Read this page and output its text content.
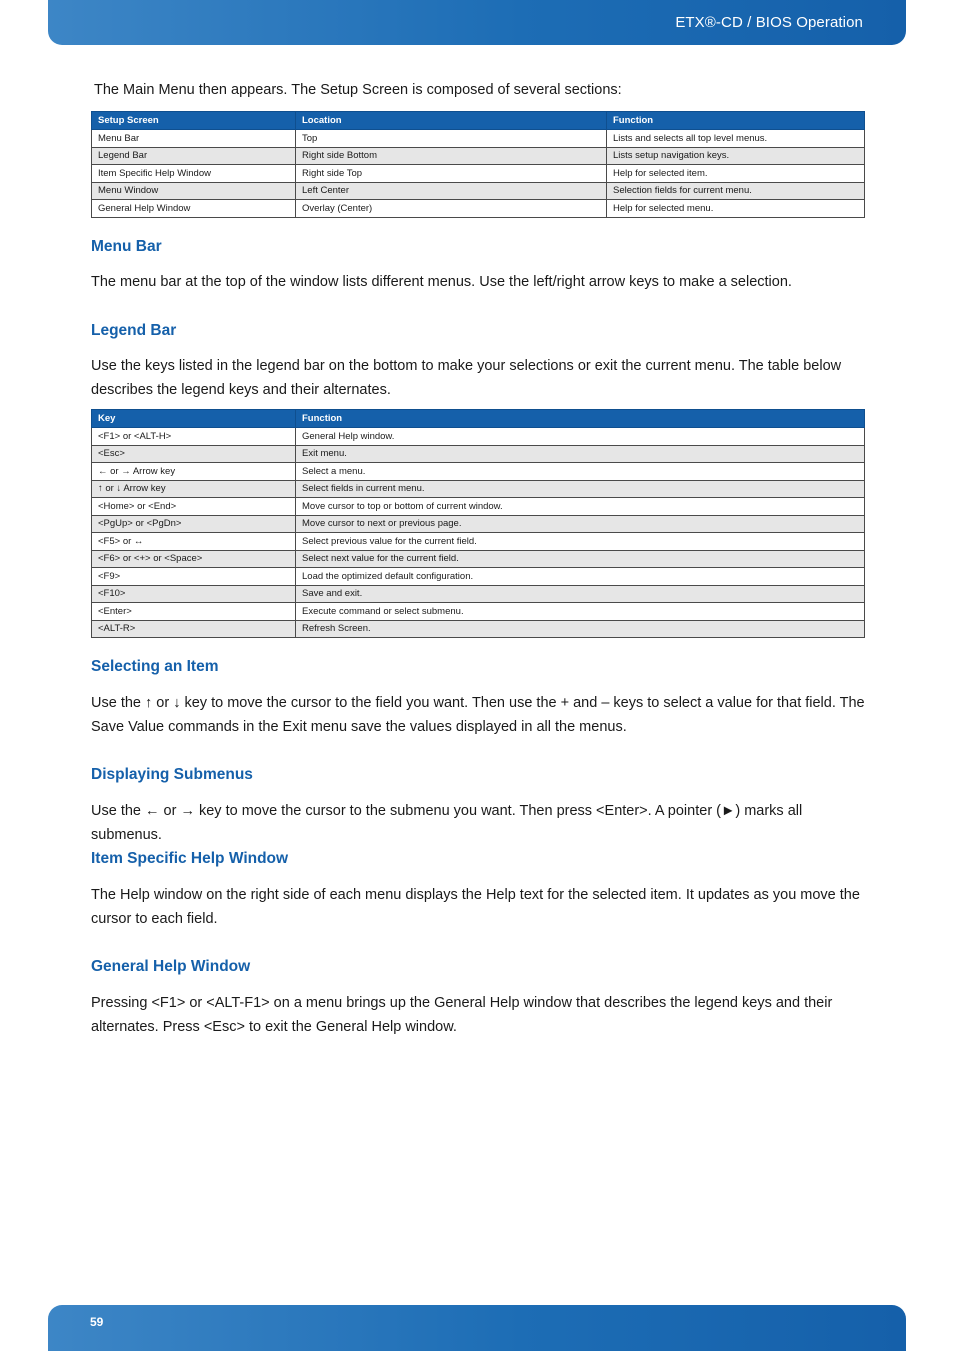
ETX®-CD / BIOS Operation

The Main Menu then appears. The Setup Screen is composed of several sections:

Setup Screen	Location	Function
Menu Bar	Top	Lists and selects all top level menus.
Legend Bar	Right side Bottom	Lists setup navigation keys.
Item Specific Help Window	Right side Top	Help for selected item.
Menu Window	Left Center	Selection fields for current menu.
General Help Window	Overlay (Center)	Help for selected menu.
Menu Bar

The menu bar at the top of the window lists different menus. Use the left/right arrow keys to make a selection.

Legend Bar

Use the keys listed in the legend bar on the bottom to make your selections or exit the current menu. The table below describes the legend keys and their alternates.

Key	Function
<F1> or <ALT-H>	General Help window.
<Esc>	Exit menu.
← or → Arrow key	Select a menu.
↑ or ↓ Arrow key	Select fields in current menu.
<Home> or <End>	Move cursor to top or bottom of current window.
<PgUp> or <PgDn>	Move cursor to next or previous page.
<F5> or ↔	Select previous value for the current field.
<F6> or <+> or <Space>	Select next value for the current field.
<F9>	Load the optimized default configuration.
<F10>	Save and exit.
<Enter>	Execute command or select submenu.
<ALT-R>	Refresh Screen.
Selecting an Item

Use the ↑ or ↓ key to move the cursor to the field you want. Then use the + and – keys to select a value for that field. The Save Value commands in the Exit menu save the values displayed in all the menus.

Displaying Submenus

Use the ← or → key to move the cursor to the submenu you want. Then press <Enter>. A pointer (►) marks all submenus.

Item Specific Help Window

The Help window on the right side of each menu displays the Help text for the selected item. It updates as you move the cursor to each field.

General Help Window

Pressing <F1> or <ALT-F1> on a menu brings up the General Help window that describes the legend keys and their alternates. Press <Esc> to exit the General Help window.

59
